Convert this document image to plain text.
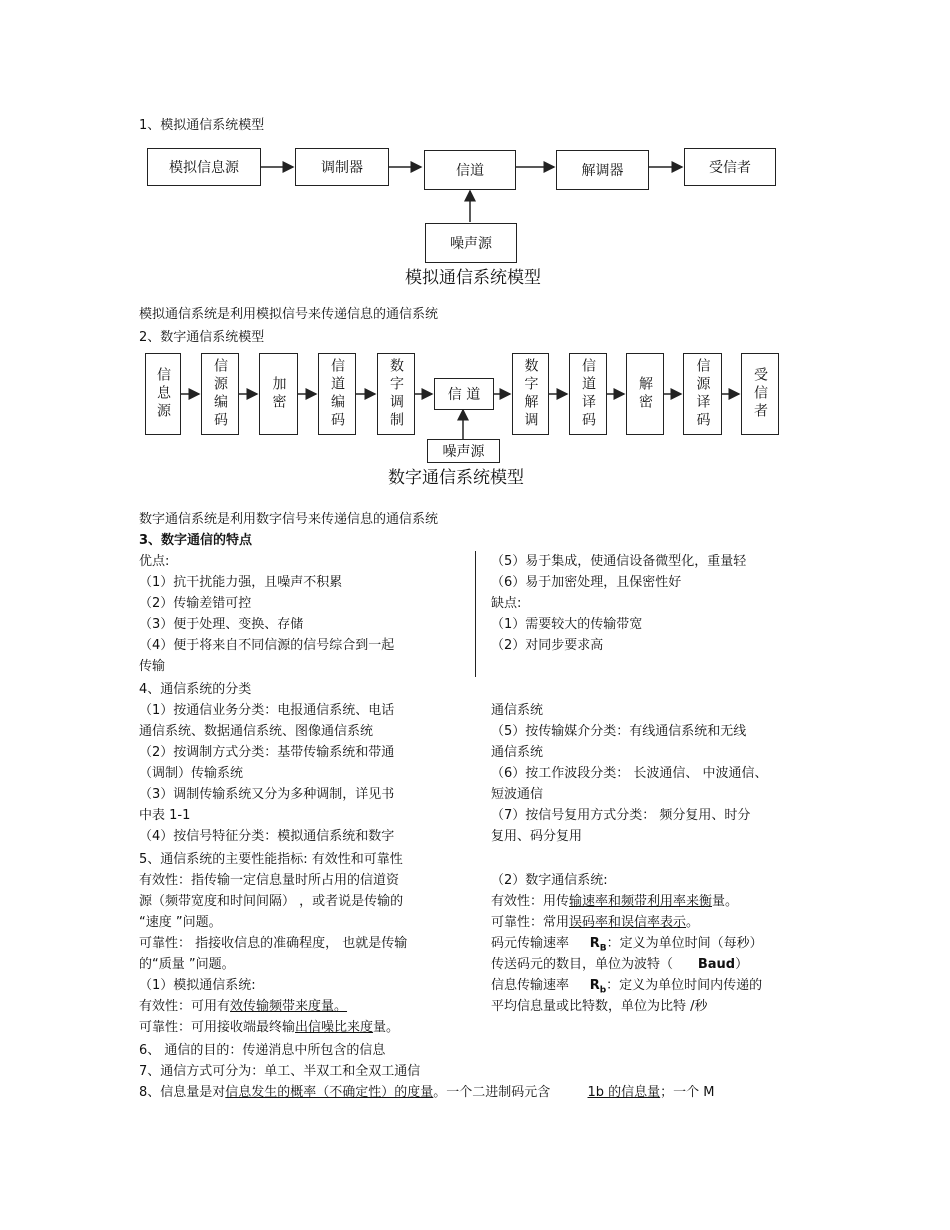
1、模拟通信系统模型
模拟信息源	调制器	信道	解调器	受信者
噪声源
模拟通信系统模型
模拟通信系统是利用模拟信号来传递信息的通信系统
2、数字通信系统模型
信息源	信源编码	加密	信道编码	数字调制	信 道	数字解调	信道译码	解密	信源译码	受信者
噪声源
数字通信系统模型
数字通信系统是利用数字信号来传递信息的通信系统
3、数字通信的特点
优点:
（1）抗干扰能力强，且噪声不积累
（2）传输差错可控
（3）便于处理、变换、存储
（4）便于将来自不同信源的信号综合到一起
传输
（5）易于集成，使通信设备微型化，重量轻
（6）易于加密处理，且保密性好
缺点:
（1）需要较大的传输带宽
（2）对同步要求高
4、通信系统的分类
（1）按通信业务分类：电报通信系统、电话
通信系统、数据通信系统、图像通信系统
（2）按调制方式分类：基带传输系统和带通
（调制）传输系统
（3）调制传输系统又分为多种调制，详见书
中表 1-1
（4）按信号特征分类：模拟通信系统和数字
通信系统
（5）按传输媒介分类：有线通信系统和无线
通信系统
（6）按工作波段分类： 长波通信、 中波通信、
短波通信
（7）按信号复用方式分类： 频分复用、时分
复用、码分复用
5、通信系统的主要性能指标: 有效性和可靠性
有效性：指传输一定信息量时所占用的信道资
源（频带宽度和时间间隔） ，或者说是传输的
“速度 ”问题。
可靠性： 指接收信息的准确程度， 也就是传输
的“质量 ”问题。
（1）模拟通信系统:
有效性：可用有效传输频带来度量。
可靠性：可用接收端最终输出信噪比来度量。
（2）数字通信系统:
有效性：用传输速率和频带利用率来衡量。
可靠性：常用误码率和误信率表示。
码元传输速率 $R_B$：定义为单位时间（每秒）
传送码元的数目，单位为波特（ Baud）
信息传输速率 $R_b$：定义为单位时间内传递的
平均信息量或比特数，单位为比特 /秒
6、 通信的目的：传递消息中所包含的信息
7、通信方式可分为：单工、半双工和全双工通信
8、信息量是对信息发生的概率（不确定性）的度量。一个二进制码元含	1b 的信息量；一个 M
